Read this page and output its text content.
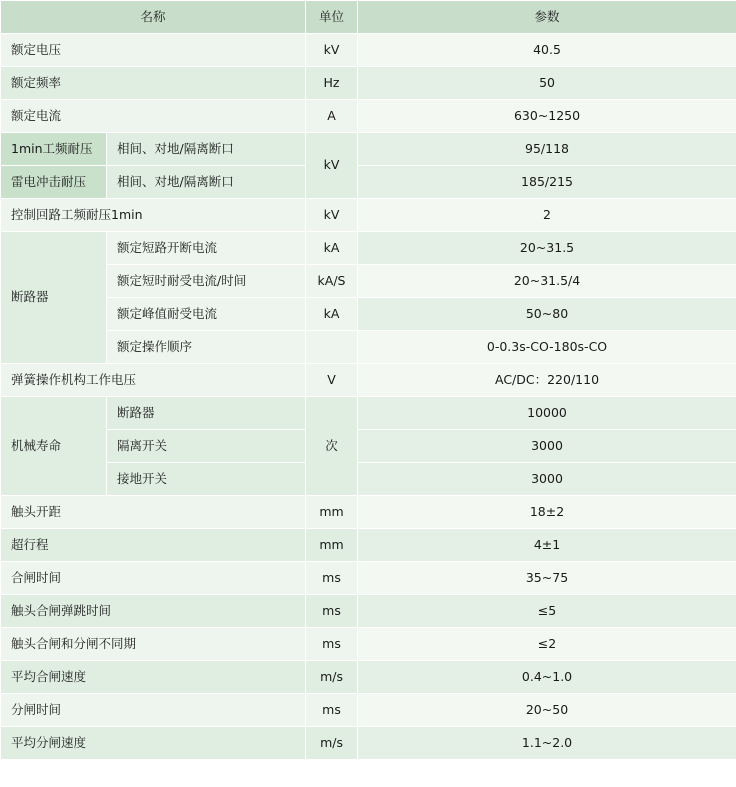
名称		单位	参数
额定电压		kV	40.5
额定频率		Hz	50
额定电流		A	630~1250
1min工频耐压	相间、对地/隔离断口	kV	95/118
雷电冲击耐压	相间、对地/隔离断口		185/215
控制回路工频耐压1min		kV	2
断路器	额定短路开断电流	kA	20~31.5
	额定短时耐受电流/时间	kA/S	20~31.5/4
	额定峰值耐受电流	kA	50~80
	额定操作顺序		0-0.3s-CO-180s-CO
弹簧操作机构工作电压		V	AC/DC：220/110
机械寿命	断路器	次	10000
	隔离开关		3000
	接地开关		3000
触头开距		mm	18±2
超行程		mm	4±1
合闸时间		ms	35~75
触头合闸弹跳时间		ms	≤5
触头合闸和分闸不同期		ms	≤2
平均合闸速度		m/s	0.4~1.0
分闸时间		ms	20~50
平均分闸速度		m/s	1.1~2.0
